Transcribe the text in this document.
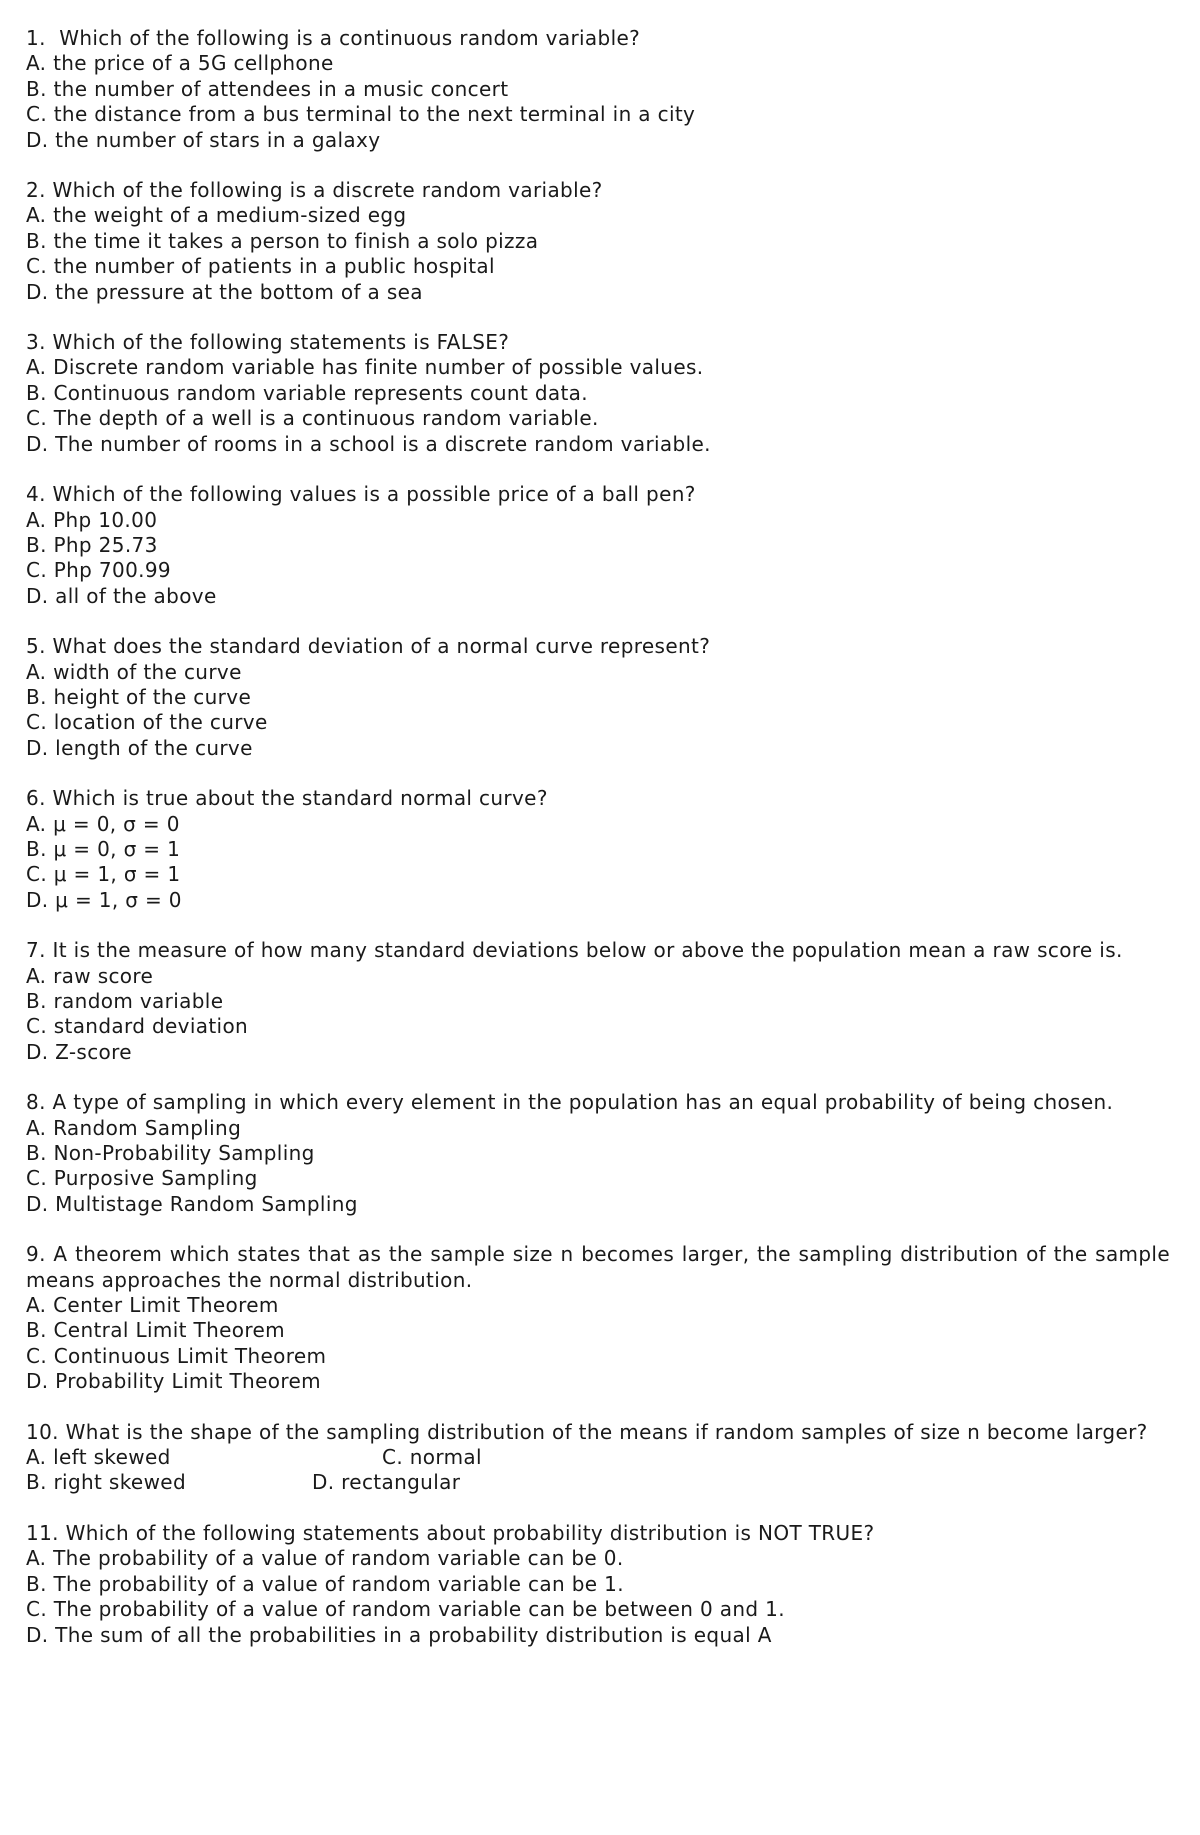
1. Which of the following is a continuous random variable?

A. the price of a 5G cellphone

B. the number of attendees in a music concert

C. the distance from a bus terminal to the next terminal in a city

D. the number of stars in a galaxy

2. Which of the following is a discrete random variable?

A. the weight of a medium-sized egg

B. the time it takes a person to finish a solo pizza

C. the number of patients in a public hospital

D. the pressure at the bottom of a sea

3. Which of the following statements is FALSE?

A. Discrete random variable has finite number of possible values.

B. Continuous random variable represents count data.

C. The depth of a well is a continuous random variable.

D. The number of rooms in a school is a discrete random variable.

4. Which of the following values is a possible price of a ball pen?

A. Php 10.00

B. Php 25.73

C. Php 700.99

D. all of the above

5. What does the standard deviation of a normal curve represent?

A. width of the curve

B. height of the curve

C. location of the curve

D. length of the curve

6. Which is true about the standard normal curve?

A. μ = 0, σ = 0

B. μ = 0, σ = 1

C. μ = 1, σ = 1

D. μ = 1, σ = 0

7. It is the measure of how many standard deviations below or above the population mean a raw score is.

A. raw score

B. random variable

C. standard deviation

D. Z-score

8. A type of sampling in which every element in the population has an equal probability of being chosen.

A. Random Sampling

B. Non-Probability Sampling

C. Purposive Sampling

D. Multistage Random Sampling

9. A theorem which states that as the sample size n becomes larger, the sampling distribution of the sample means approaches the normal distribution.

A. Center Limit Theorem

B. Central Limit Theorem

C. Continuous Limit Theorem

D. Probability Limit Theorem

10. What is the shape of the sampling distribution of the means if random samples of size n become larger?

A. left skewed

	C. normal

B. right skewed

	D. rectangular

11. Which of the following statements about probability distribution is NOT TRUE?

A. The probability of a value of random variable can be 0.

B. The probability of a value of random variable can be 1.

C. The probability of a value of random variable can be between 0 and 1.

D. The sum of all the probabilities in a probability distribution is equal A
